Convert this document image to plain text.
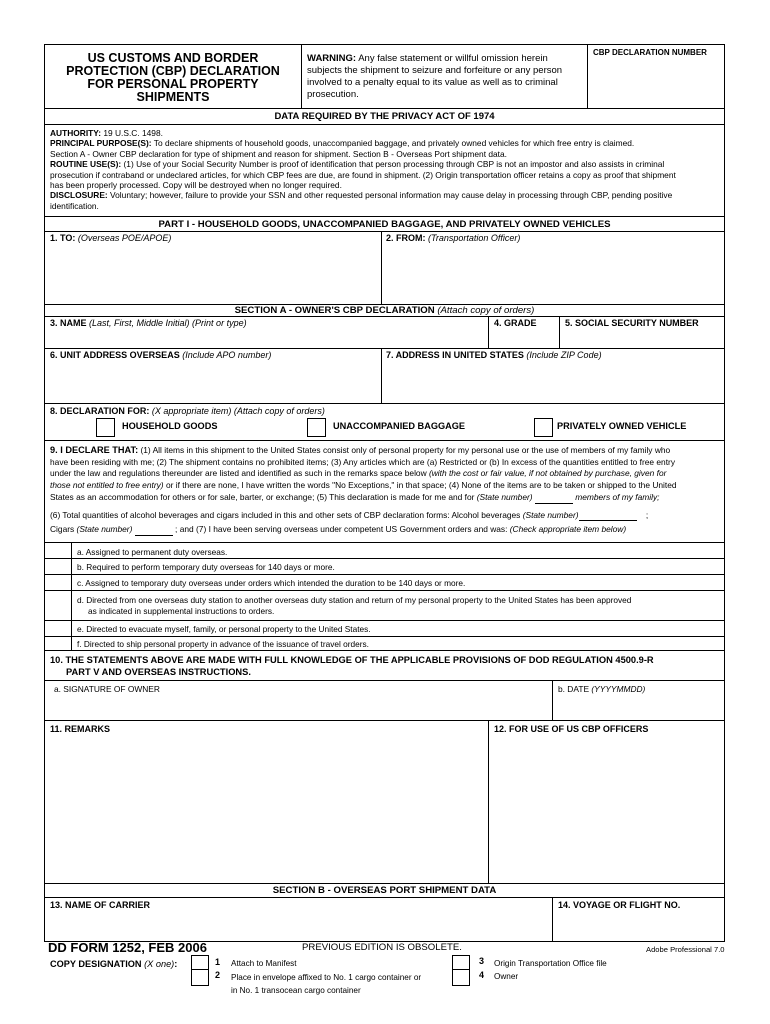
US CUSTOMS AND BORDER
PROTECTION (CBP) DECLARATION
FOR PERSONAL PROPERTY
SHIPMENTS
WARNING: Any false statement or willful omission herein
subjects the shipment to seizure and forfeiture or any person
involved to a penalty equal to its value as well as to criminal
prosecution.
CBP DECLARATION NUMBER
DATA REQUIRED BY THE PRIVACY ACT OF 1974
AUTHORITY: 19 U.S.C. 1498.
PRINCIPAL PURPOSE(S): To declare shipments of household goods, unaccompanied baggage, and privately owned vehicles for which free entry is claimed.
Section A - Owner CBP declaration for type of shipment and reason for shipment. Section B - Overseas Port shipment data.
ROUTINE USE(S): (1) Use of your Social Security Number is proof of identification that person processing through CBP is not an impostor and also assists in criminal
prosecution if contraband or undeclared articles, for which CBP fees are due, are found in shipment. (2) Origin transportation officer retains a copy as proof that shipment
has been properly processed. Copy will be destroyed when no longer required.
DISCLOSURE: Voluntary; however, failure to provide your SSN and other requested personal information may cause delay in processing through CBP, pending positive
identification.
PART I - HOUSEHOLD GOODS, UNACCOMPANIED BAGGAGE, AND PRIVATELY OWNED VEHICLES
1. TO: (Overseas POE/APOE)	2. FROM: (Transportation Officer)
SECTION A - OWNER'S CBP DECLARATION (Attach copy of orders)
3. NAME (Last, First, Middle Initial) (Print or type)	4. GRADE	5. SOCIAL SECURITY NUMBER
6. UNIT ADDRESS OVERSEAS (Include APO number)	7. ADDRESS IN UNITED STATES (Include ZIP Code)
8. DECLARATION FOR: (X appropriate item) (Attach copy of orders)
HOUSEHOLD GOODS	UNACCOMPANIED BAGGAGE	PRIVATELY OWNED VEHICLE
9. I DECLARE THAT: (1) All items in this shipment to the United States consist only of personal property for my personal use or the use of members of my family who
have been residing with me; (2) The shipment contains no prohibited items; (3) Any articles which are (a) Restricted or (b) In excess of the quantities entitled to free entry
under the law and regulations thereunder are listed and identified as such in the remarks space below (with the cost or fair value, if not obtained by purchase, given for
those not entitled to free entry) or if there are none, I have written the words "No Exceptions," in that space; (4) None of the items are to be taken or shipped to the United
States as an accommodation for others or for sale, barter, or exchange; (5) This declaration is made for me and for (State number)	members of my family;
(6) Total quantities of alcohol beverages and cigars included in this and other sets of CBP declaration forms: Alcohol beverages (State number)	;
Cigars (State number)	; and (7) I have been serving overseas under competent US Government orders and was: (Check appropriate item below)
a. Assigned to permanent duty overseas.
b. Required to perform temporary duty overseas for 140 days or more.
c. Assigned to temporary duty overseas under orders which intended the duration to be 140 days or more.
d. Directed from one overseas duty station to another overseas duty station and return of my personal property to the United States has been approved
as indicated in supplemental instructions to orders.
e. Directed to evacuate myself, family, or personal property to the United States.
f. Directed to ship personal property in advance of the issuance of travel orders.
10. THE STATEMENTS ABOVE ARE MADE WITH FULL KNOWLEDGE OF THE APPLICABLE PROVISIONS OF DOD REGULATION 4500.9-R
PART V AND OVERSEAS INSTRUCTIONS.
a. SIGNATURE OF OWNER	b. DATE (YYYYMMDD)
11. REMARKS	12. FOR USE OF US CBP OFFICERS
SECTION B - OVERSEAS PORT SHIPMENT DATA
13. NAME OF CARRIER	14. VOYAGE OR FLIGHT NO.
DD FORM 1252, FEB 2006	PREVIOUS EDITION IS OBSOLETE.	Adobe Professional 7.0
COPY DESIGNATION (X one):	1 Attach to Manifest
2 Place in envelope affixed to No. 1 cargo container or
in No. 1 transocean cargo container
3 Origin Transportation Office file
4 Owner
